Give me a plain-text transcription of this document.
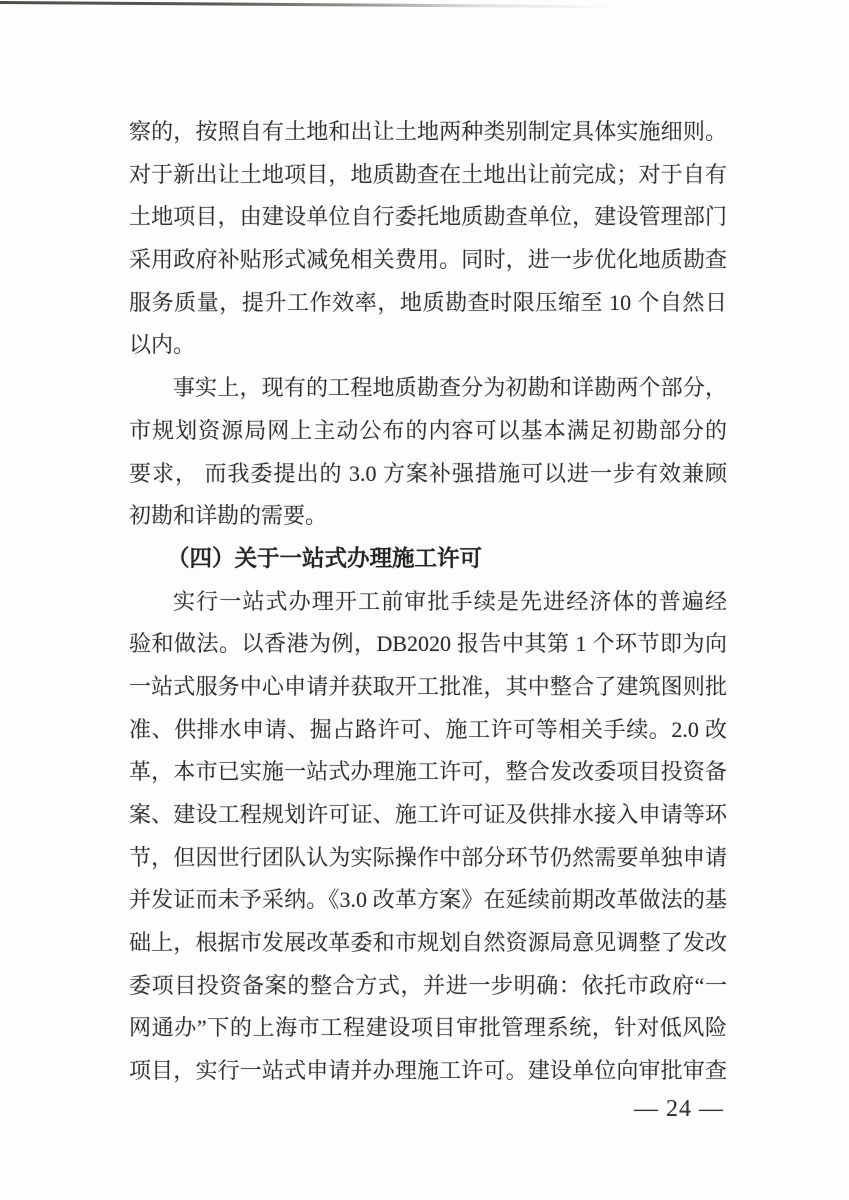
察的，按照自有土地和出让土地两种类别制定具体实施细则。
对于新出让土地项目，地质勘查在土地出让前完成；对于自有
土地项目，由建设单位自行委托地质勘查单位，建设管理部门
采用政府补贴形式减免相关费用。同时，进一步优化地质勘查
服务质量，提升工作效率，地质勘查时限压缩至 10 个自然日
以内。
事实上，现有的工程地质勘查分为初勘和详勘两个部分，
市规划资源局网上主动公布的内容可以基本满足初勘部分的
要求， 而我委提出的 3.0 方案补强措施可以进一步有效兼顾
初勘和详勘的需要。
（四）关于一站式办理施工许可
实行一站式办理开工前审批手续是先进经济体的普遍经
验和做法。以香港为例，DB2020 报告中其第 1 个环节即为向
一站式服务中心申请并获取开工批准，其中整合了建筑图则批
准、供排水申请、掘占路许可、施工许可等相关手续。2.0 改
革，本市已实施一站式办理施工许可，整合发改委项目投资备
案、建设工程规划许可证、施工许可证及供排水接入申请等环
节，但因世行团队认为实际操作中部分环节仍然需要单独申请
并发证而未予采纳。《3.0 改革方案》在延续前期改革做法的基
础上，根据市发展改革委和市规划自然资源局意见调整了发改
委项目投资备案的整合方式，并进一步明确：依托市政府“一
网通办”下的上海市工程建设项目审批管理系统，针对低风险
项目，实行一站式申请并办理施工许可。建设单位向审批审查
— 24 —
